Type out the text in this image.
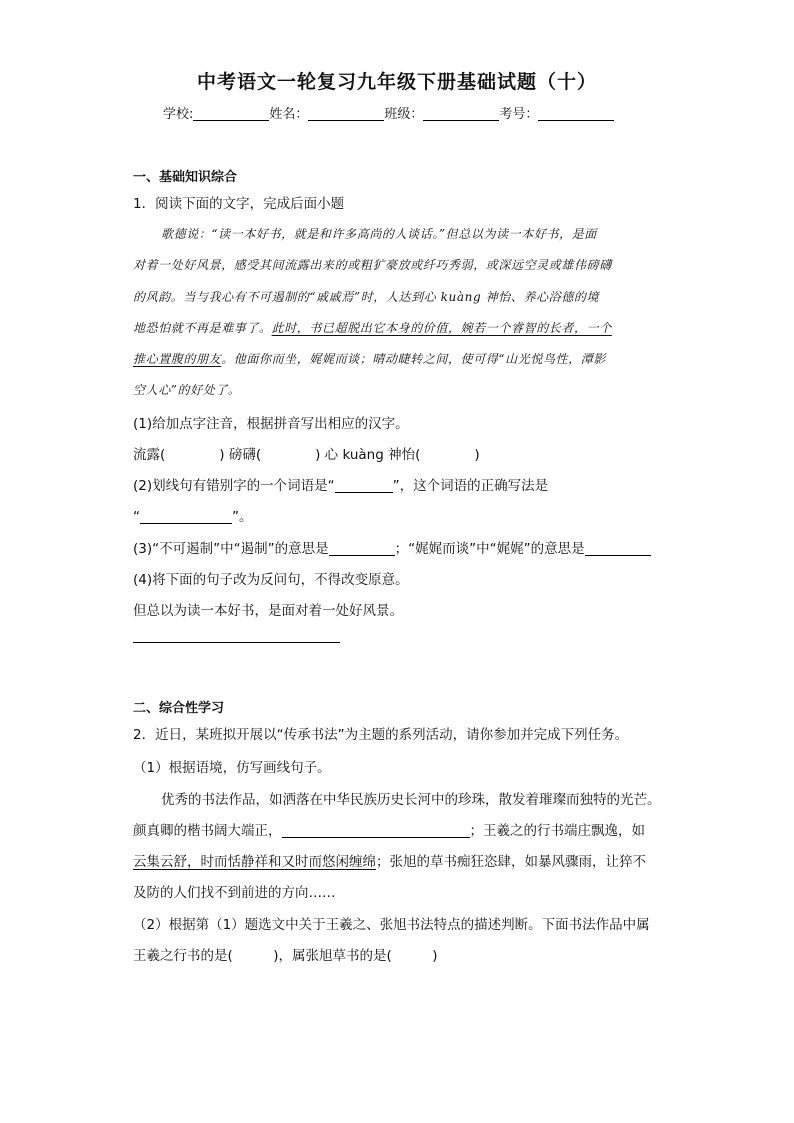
中考语文一轮复习九年级下册基础试题（十）
学校:	姓名：	班级：	考号：
一、基础知识综合
1．阅读下面的文字，完成后面小题
歌德说：“读一本好书，就是和许多高尚的人谈话。”但总以为读一本好书，是面
对着一处好风景，感受其间流露出来的或粗犷豪放或纤巧秀弱，或深远空灵或雄伟磅礴
的风韵。当与我心有不可遏制的“戚戚焉”时，人达到心 kuàng 神怡、养心浴德的境
地恐怕就不再是难事了。此时，书已超脱出它本身的价值，婉若一个睿智的长者，一个
推心置腹的朋友。他面你而坐，娓娓而谈；晴动睫转之间，使可得“山光悦鸟性，潭影
空人心”的好处了。
(1)给加点字注音，根据拼音写出相应的汉字。
流露(　　　　) 磅礴(　　　　) 心 kuàng 神怡(　　　　)
(2)划线句有错别字的一个词语是“	”，这个词语的正确写法是
“	”。
(3)“不可遏制”中“遏制”的意思是	；“娓娓而谈”中“娓娓”的意思是
(4)将下面的句子改为反问句，不得改变原意。
但总以为读一本好书，是面对着一处好风景。
二、综合性学习
2．近日，某班拟开展以“传承书法”为主题的系列活动，请你参加并完成下列任务。
（1）根据语境，仿写画线句子。
优秀的书法作品，如洒落在中华民族历史长河中的珍珠，散发着璀璨而独特的光芒。
颜真卿的楷书阔大端正，	；王羲之的行书端庄飘逸，如
云集云舒，时而恬静祥和又时而悠闲缠绵；张旭的草书痴狂恣肆，如暴风骤雨，让猝不
及防的人们找不到前进的方向……
（2）根据第（1）题选文中关于王羲之、张旭书法特点的描述判断。下面书法作品中属
王羲之行书的是(　　　)，属张旭草书的是(　　　)
